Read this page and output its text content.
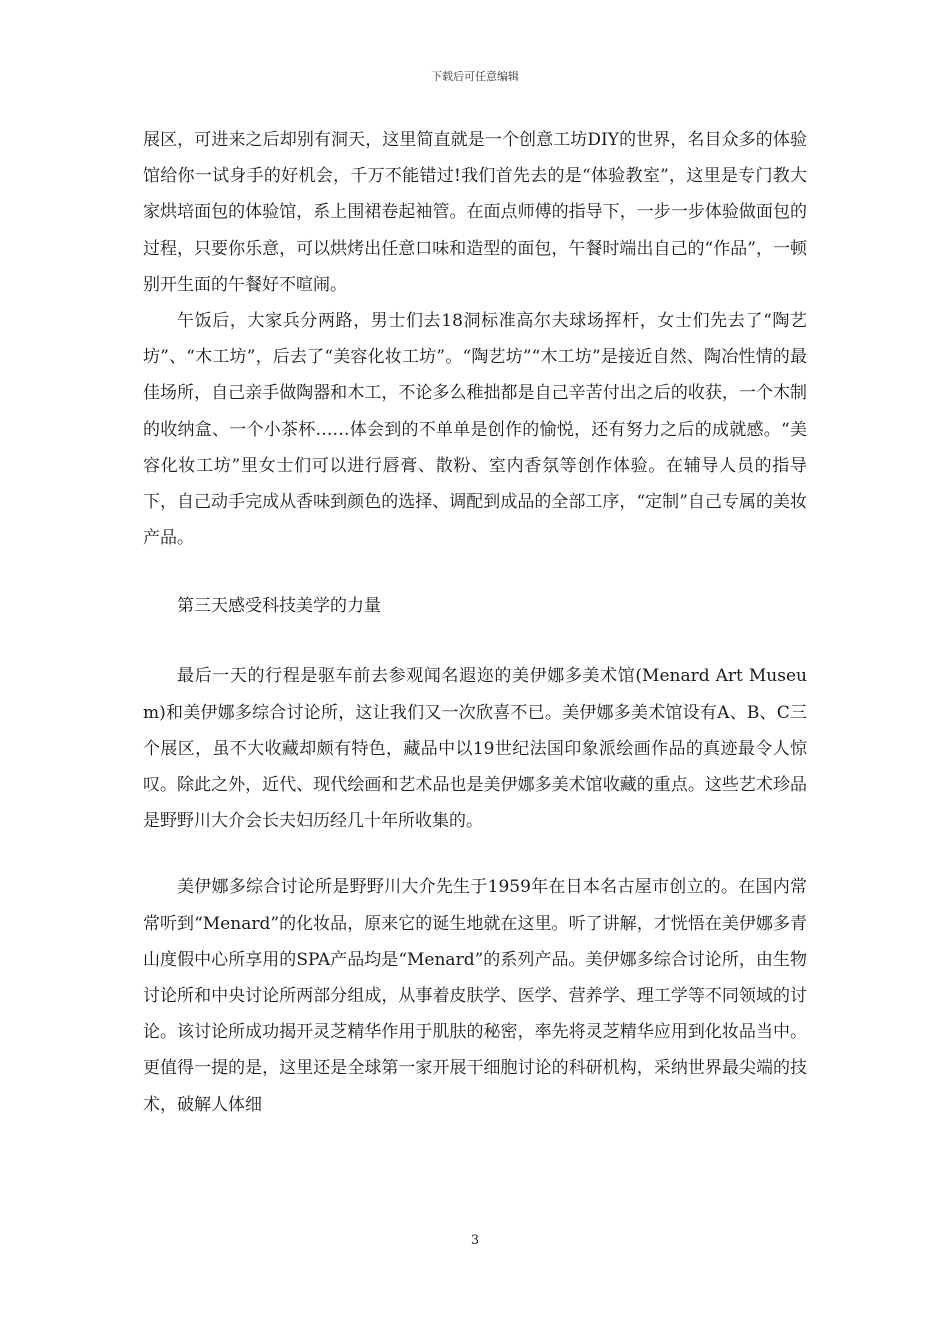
下载后可任意编辑

展区，可进来之后却别有洞天，这里简直就是一个创意工坊DIY的世界，名目众多的体验馆给你一试身手的好机会，千万不能错过!我们首先去的是“体验教室”，这里是专门教大家烘培面包的体验馆，系上围裙卷起袖管。在面点师傅的指导下，一步一步体验做面包的过程，只要你乐意，可以烘烤出任意口味和造型的面包，午餐时端出自己的“作品”，一顿别开生面的午餐好不喧闹。

午饭后，大家兵分两路，男士们去18洞标准高尔夫球场挥杆，女士们先去了“陶艺坊”、“木工坊”，后去了“美容化妆工坊”。“陶艺坊”“木工坊”是接近自然、陶冶性情的最佳场所，自己亲手做陶器和木工，不论多么稚拙都是自己辛苦付出之后的收获，一个木制的收纳盒、一个小茶杯……体会到的不单单是创作的愉悦，还有努力之后的成就感。“美容化妆工坊”里女士们可以进行唇膏、散粉、室内香氛等创作体验。在辅导人员的指导下，自己动手完成从香味到颜色的选择、调配到成品的全部工序，“定制”自己专属的美妆产品。

第三天感受科技美学的力量

最后一天的行程是驱车前去参观闻名遐迩的美伊娜多美术馆(Menard Art Museum)和美伊娜多综合讨论所，这让我们又一次欣喜不已。美伊娜多美术馆设有A、B、C三个展区，虽不大收藏却颇有特色，藏品中以19世纪法国印象派绘画作品的真迹最令人惊叹。除此之外，近代、现代绘画和艺术品也是美伊娜多美术馆收藏的重点。这些艺术珍品是野野川大介会长夫妇历经几十年所收集的。

美伊娜多综合讨论所是野野川大介先生于1959年在日本名古屋市创立的。在国内常常听到“Menard”的化妆品，原来它的诞生地就在这里。听了讲解，才恍悟在美伊娜多青山度假中心所享用的SPA产品均是“Menard”的系列产品。美伊娜多综合讨论所，由生物讨论所和中央讨论所两部分组成，从事着皮肤学、医学、营养学、理工学等不同领域的讨论。该讨论所成功揭开灵芝精华作用于肌肤的秘密，率先将灵芝精华应用到化妆品当中。更值得一提的是，这里还是全球第一家开展干细胞讨论的科研机构，采纳世界最尖端的技术，破解人体细

3
